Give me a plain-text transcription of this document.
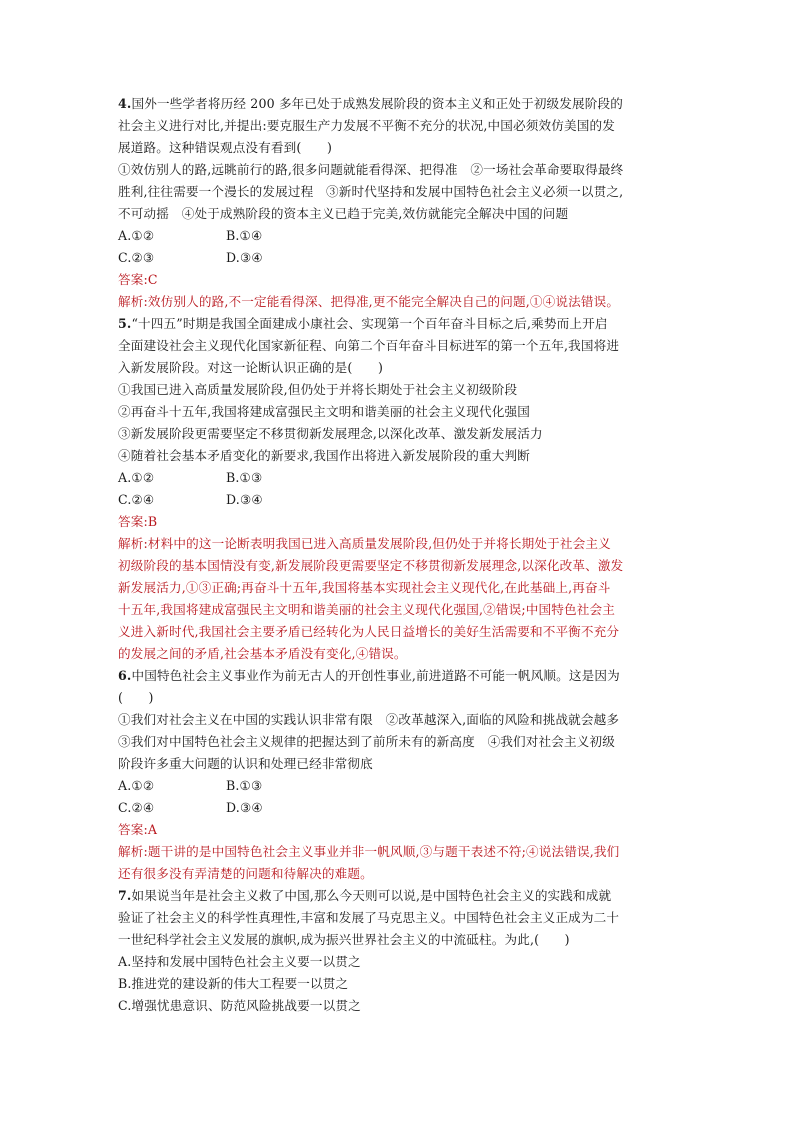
4.国外一些学者将历经 200 多年已处于成熟发展阶段的资本主义和正处于初级发展阶段的
社会主义进行对比,并提出:要克服生产力发展不平衡不充分的状况,中国必须效仿美国的发
展道路。这种错误观点没有看到(　　)
①效仿别人的路,远眺前行的路,很多问题就能看得深、把得准　②一场社会革命要取得最终
胜利,往往需要一个漫长的发展过程　③新时代坚持和发展中国特色社会主义必须一以贯之,
不可动摇　④处于成熟阶段的资本主义已趋于完美,效仿就能完全解决中国的问题
A.①②	B.①④
C.②③	D.③④
答案:C
解析:效仿别人的路,不一定能看得深、把得准,更不能完全解决自己的问题,①④说法错误。
5.“十四五”时期是我国全面建成小康社会、实现第一个百年奋斗目标之后,乘势而上开启
全面建设社会主义现代化国家新征程、向第二个百年奋斗目标进军的第一个五年,我国将进
入新发展阶段。对这一论断认识正确的是(　　)
①我国已进入高质量发展阶段,但仍处于并将长期处于社会主义初级阶段
②再奋斗十五年,我国将建成富强民主文明和谐美丽的社会主义现代化强国
③新发展阶段更需要坚定不移贯彻新发展理念,以深化改革、激发新发展活力
④随着社会基本矛盾变化的新要求,我国作出将进入新发展阶段的重大判断
A.①②	B.①③
C.②④	D.③④
答案:B
解析:材料中的这一论断表明我国已进入高质量发展阶段,但仍处于并将长期处于社会主义
初级阶段的基本国情没有变,新发展阶段更需要坚定不移贯彻新发展理念,以深化改革、激发
新发展活力,①③正确;再奋斗十五年,我国将基本实现社会主义现代化,在此基础上,再奋斗
十五年,我国将建成富强民主文明和谐美丽的社会主义现代化强国,②错误;中国特色社会主
义进入新时代,我国社会主要矛盾已经转化为人民日益增长的美好生活需要和不平衡不充分
的发展之间的矛盾,社会基本矛盾没有变化,④错误。
6.中国特色社会主义事业作为前无古人的开创性事业,前进道路不可能一帆风顺。这是因为
(　　)
①我们对社会主义在中国的实践认识非常有限　②改革越深入,面临的风险和挑战就会越多
③我们对中国特色社会主义规律的把握达到了前所未有的新高度　④我们对社会主义初级
阶段许多重大问题的认识和处理已经非常彻底
A.①②	B.①③
C.②④	D.③④
答案:A
解析:题干讲的是中国特色社会主义事业并非一帆风顺,③与题干表述不符;④说法错误,我们
还有很多没有弄清楚的问题和待解决的难题。
7.如果说当年是社会主义救了中国,那么今天则可以说,是中国特色社会主义的实践和成就
验证了社会主义的科学性真理性,丰富和发展了马克思主义。中国特色社会主义正成为二十
一世纪科学社会主义发展的旗帜,成为振兴世界社会主义的中流砥柱。为此,(　　)
A.坚持和发展中国特色社会主义要一以贯之
B.推进党的建设新的伟大工程要一以贯之
C.增强忧患意识、防范风险挑战要一以贯之
